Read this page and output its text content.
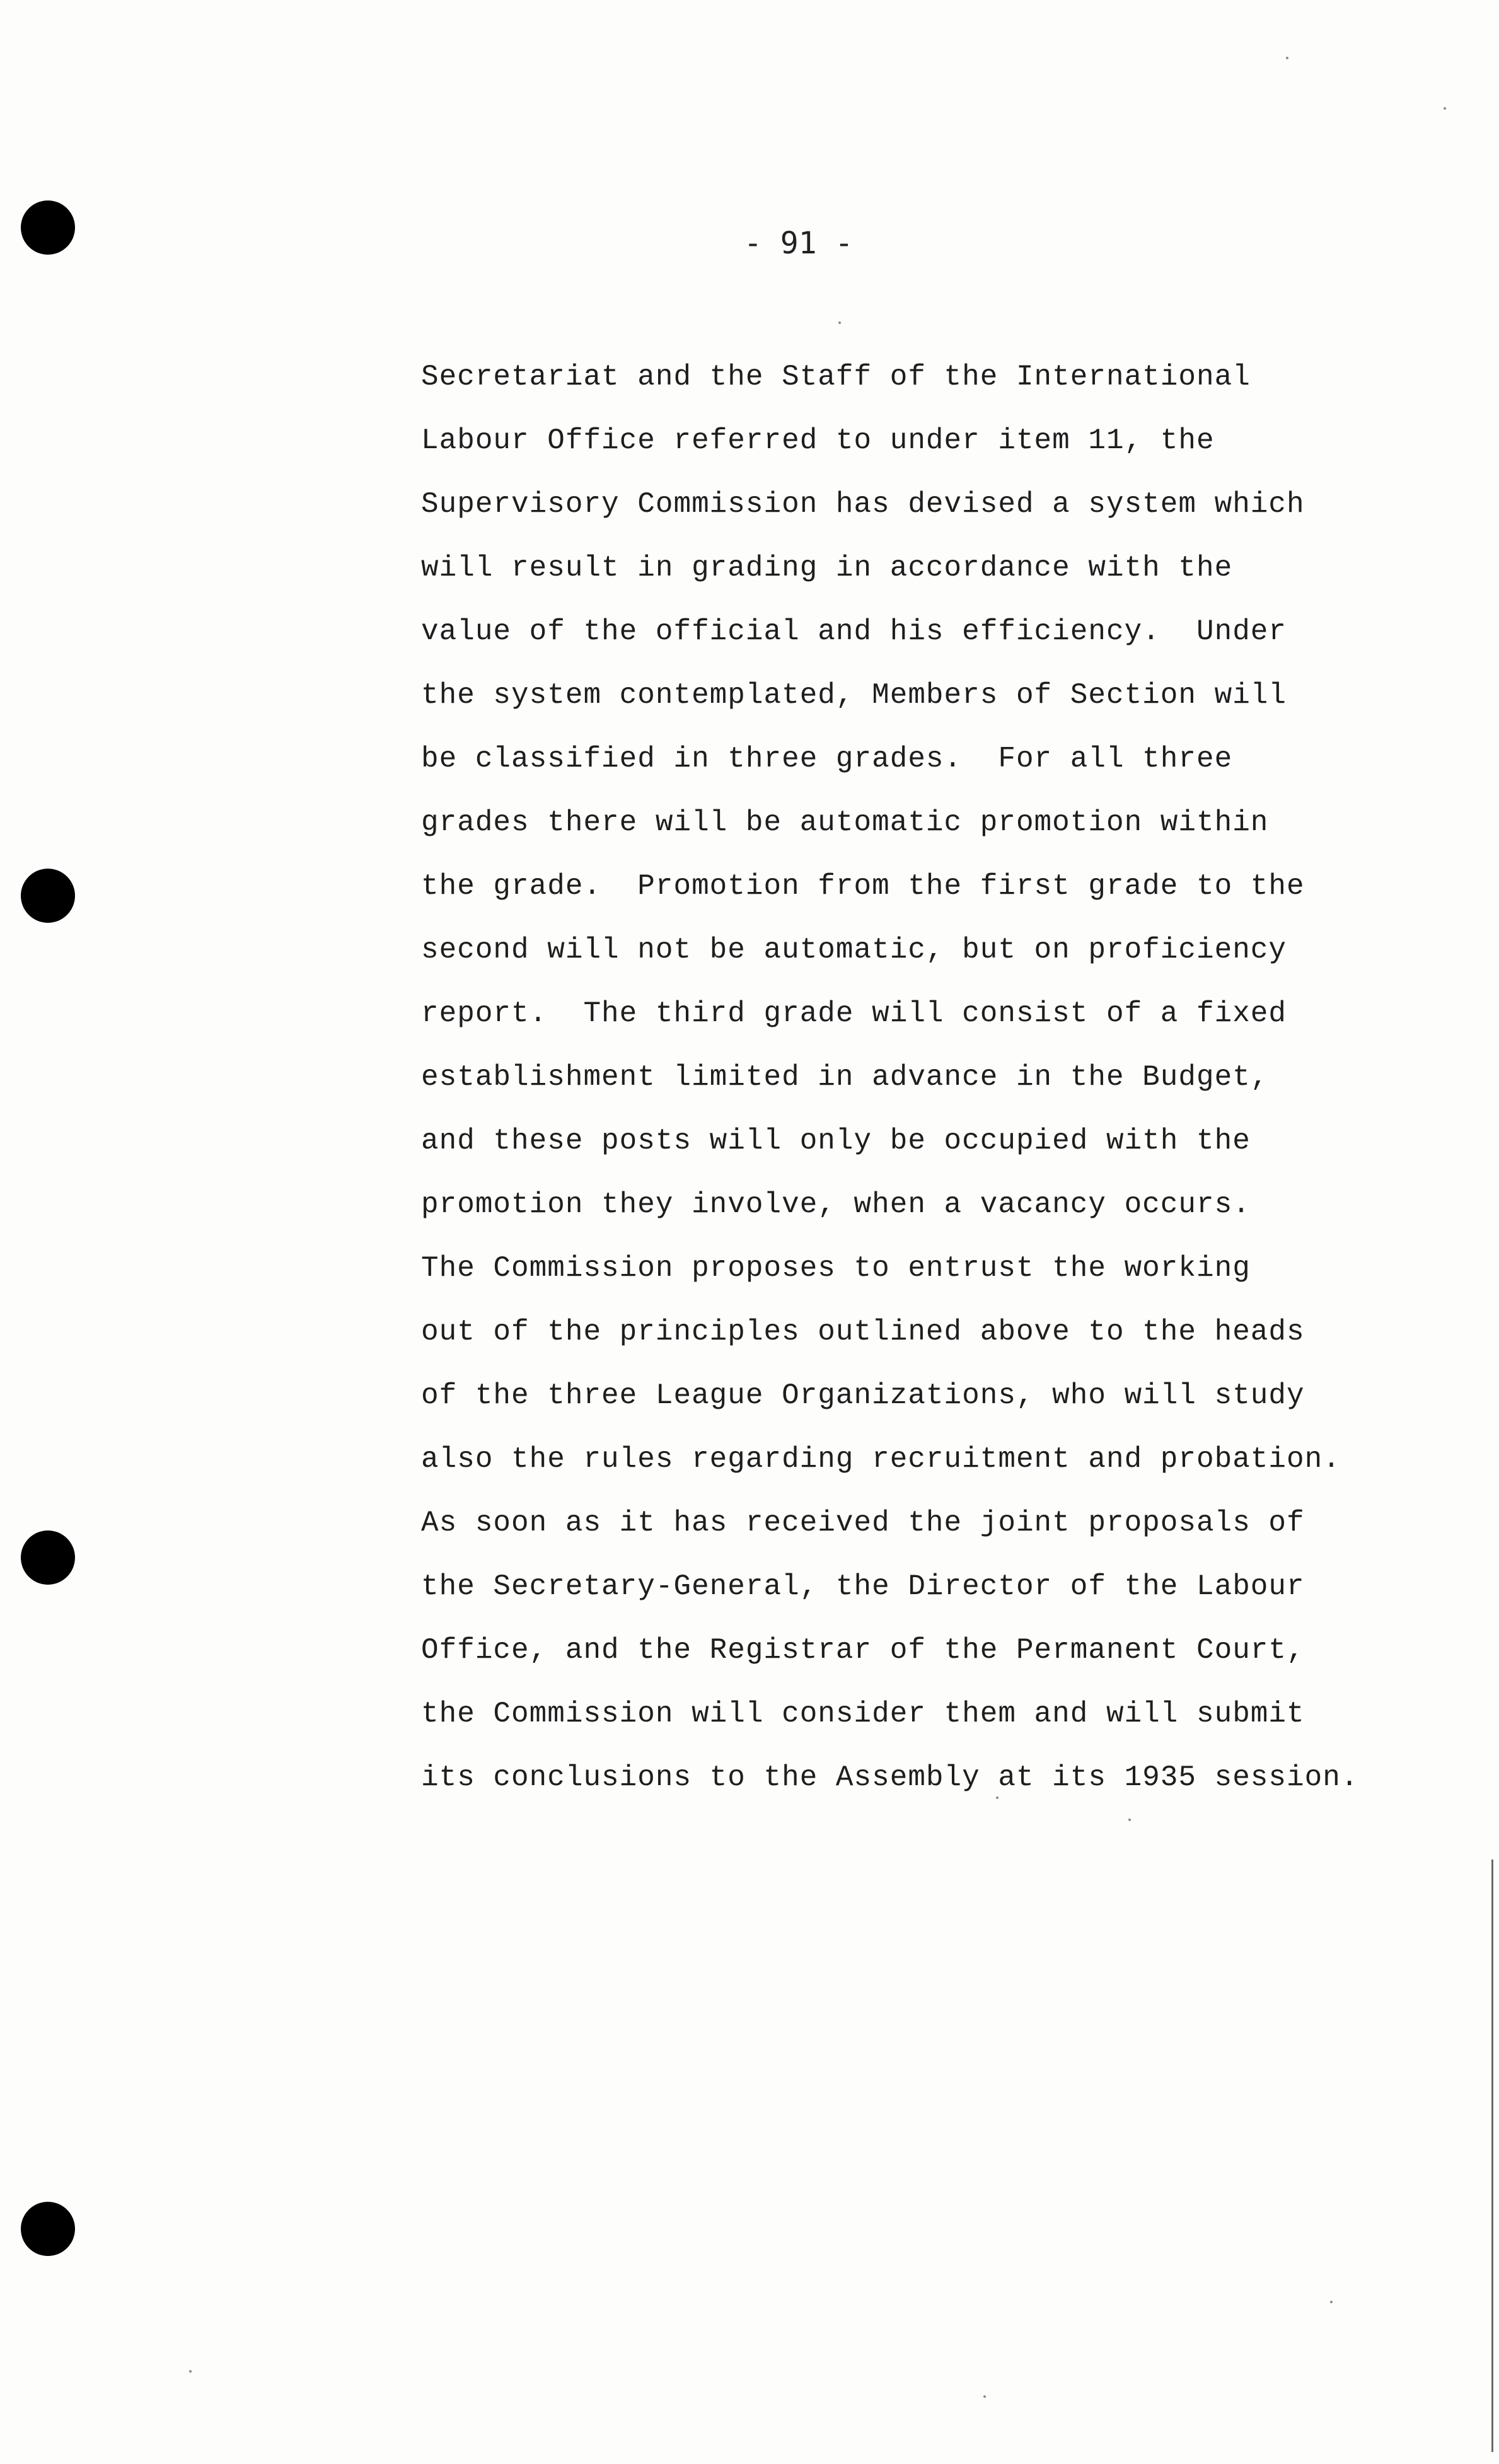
- 91 -
Secretariat and the Staff of the International
Labour Office referred to under item 11, the
Supervisory Commission has devised a system which
will result in grading in accordance with the
value of the official and his efficiency.  Under
the system contemplated, Members of Section will
be classified in three grades.  For all three
grades there will be automatic promotion within
the grade.  Promotion from the first grade to the
second will not be automatic, but on proficiency
report.  The third grade will consist of a fixed
establishment limited in advance in the Budget,
and these posts will only be occupied with the
promotion they involve, when a vacancy occurs.
The Commission proposes to entrust the working
out of the principles outlined above to the heads
of the three League Organizations, who will study
also the rules regarding recruitment and probation.
As soon as it has received the joint proposals of
the Secretary-General, the Director of the Labour
Office, and the Registrar of the Permanent Court,
the Commission will consider them and will submit
its conclusions to the Assembly at its 1935 session.
